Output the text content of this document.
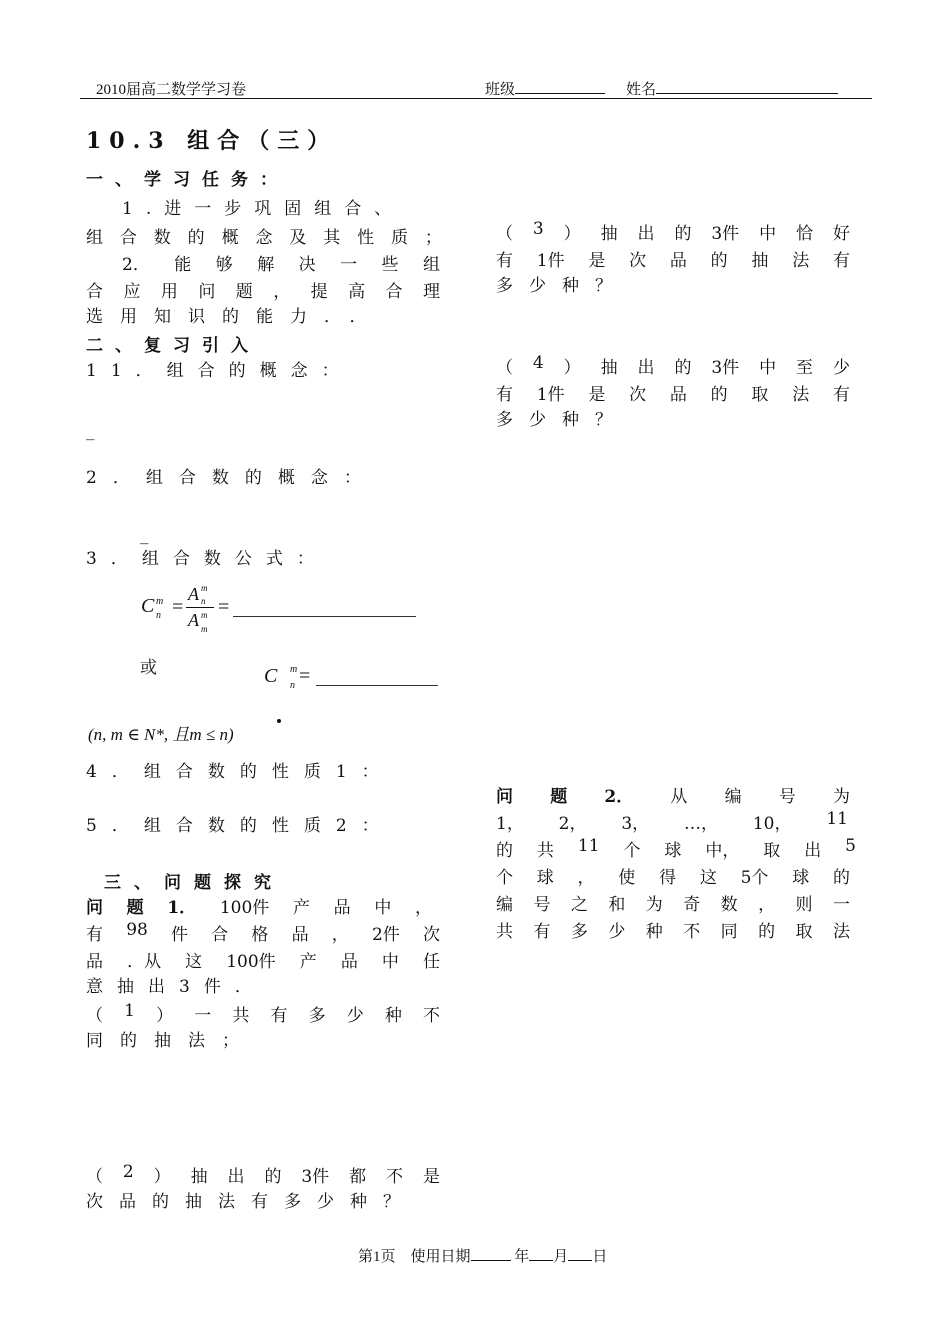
2010届高二数学学习卷	班级	姓名
10.3 组合（三）
一、学习任务：
1.进一步巩固组合、
组 合 数 的 概 念 及 其 性 质 ；
2． 能 够 解 决 一 些 组
合 应 用 问 题 ， 提 高 合 理
选用知识的能力．．
二、复习引入
11．组合的概念：
_
2．组合数的概念：
_
3．组合数公式：
C m
n =
A m
n
A m
m
=
或	C m
n =
(n, m ∈ N*, 且m ≤ n)
4．组合数的性质1：
5．组合数的性质2：
三、问题探究
问 题 1． 100件 产 品 中 ，
有 98 件 合 格 品 ， 2件 次
品 ．从 这 100件 产 品 中 任
意抽出3件．
（ 1 ） 一 共 有 多 少 种 不
同的抽法；
（ 2 ） 抽 出 的 3件 都 不 是
次品的抽法有多少种？
（ 3 ） 抽 出 的 3件 中 恰 好
有 1件 是 次 品 的 抽 法 有
多少种？
（ 4 ） 抽 出 的 3件 中 至 少
有 1件 是 次 品 的 取 法 有
多少种？
问 题 2． 从 编 号 为
1， 2， 3， …， 10， 11
的 共 11 个 球 中， 取 出 5
个 球 ， 使 得 这 5个 球 的
编 号 之 和 为 奇 数 ， 则 一
共 有 多 少 种 不 同 的 取 法
第1页 使用日期	年 月 日
